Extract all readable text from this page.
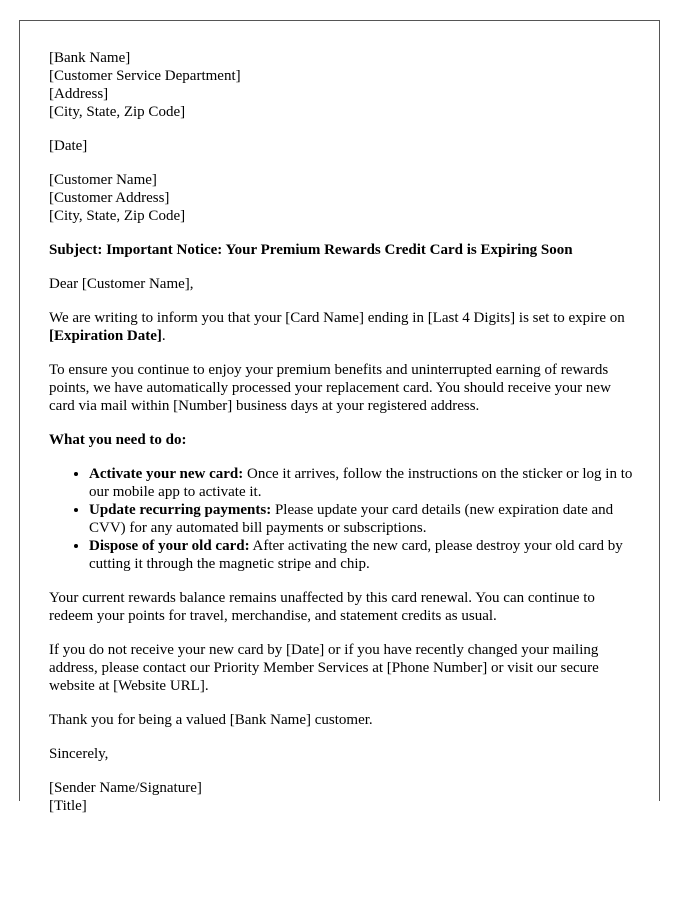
[Bank Name]
[Customer Service Department]
[Address]
[City, State, Zip Code]

[Date]

[Customer Name]
[Customer Address]
[City, State, Zip Code]

Subject: Important Notice: Your Premium Rewards Credit Card is Expiring Soon

Dear [Customer Name],

We are writing to inform you that your [Card Name] ending in [Last 4 Digits] is set to expire on [Expiration Date].

To ensure you continue to enjoy your premium benefits and uninterrupted earning of rewards points, we have automatically processed your replacement card. You should receive your new card via mail within [Number] business days at your registered address.

What you need to do:

• Activate your new card: Once it arrives, follow the instructions on the sticker or log in to our mobile app to activate it.
• Update recurring payments: Please update your card details (new expiration date and CVV) for any automated bill payments or subscriptions.
• Dispose of your old card: After activating the new card, please destroy your old card by cutting it through the magnetic stripe and chip.

Your current rewards balance remains unaffected by this card renewal. You can continue to redeem your points for travel, merchandise, and statement credits as usual.

If you do not receive your new card by [Date] or if you have recently changed your mailing address, please contact our Priority Member Services at [Phone Number] or visit our secure website at [Website URL].

Thank you for being a valued [Bank Name] customer.

Sincerely,

[Sender Name/Signature]
[Title]
